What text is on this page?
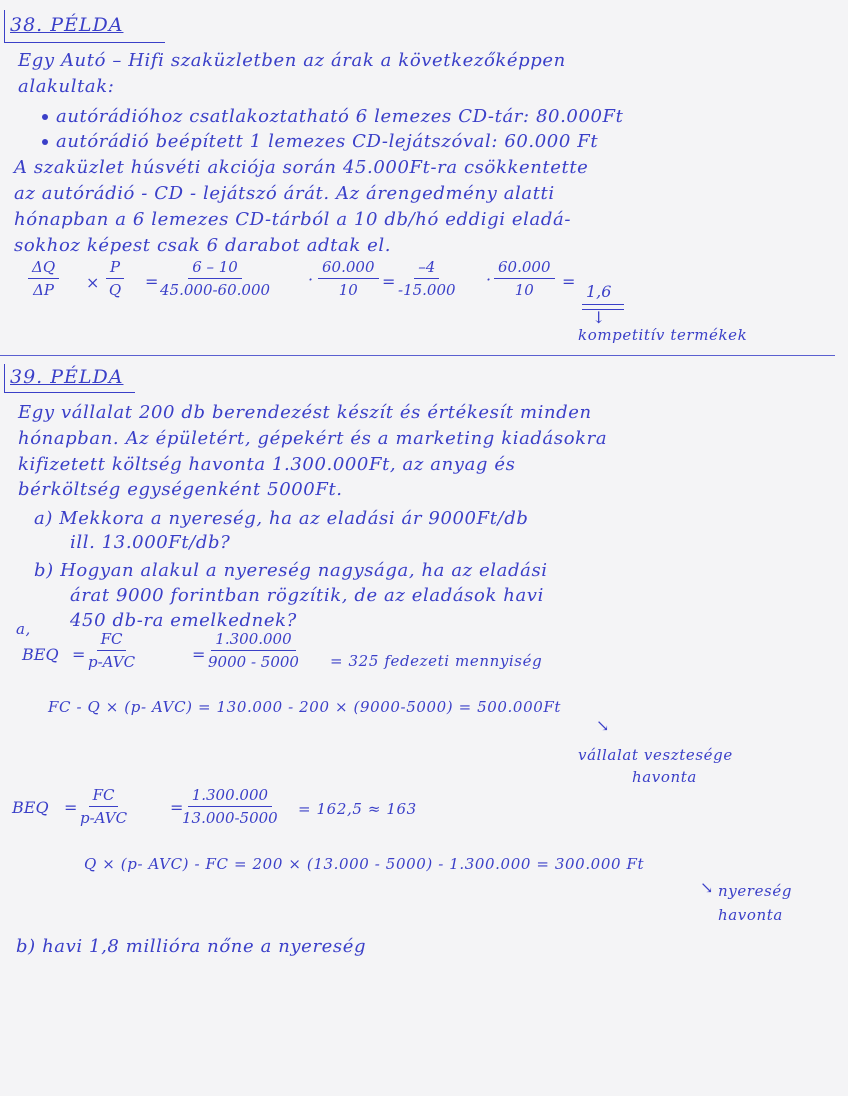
38. PÉLDA
Egy Autó – Hifi szaküzletben az árak a következőképpen
alakultak:
autórádióhoz csatlakoztatható 6 lemezes CD-tár: 80.000Ft
autórádió beépített 1 lemezes CD-lejátszóval: 60.000 Ft
A szaküzlet húsvéti akciója során 45.000Ft-ra csökkentette
az autórádió - CD - lejátszó árát. Az árengedmény alatti
hónapban a 6 lemezes CD-tárból a 10 db/hó eddigi eladá-
sokhoz képest csak 6 darabot adtak el.
$\frac{\Delta Q}{\Delta P} \times \frac{P}{Q} = \frac{6 - 10}{45.000-60.000} \cdot \frac{60.000}{10} = \frac{-4}{-15.000} \cdot \frac{60.000}{10}$ =
1,6
↓
kompetitív termékek
39. PÉLDA
Egy vállalat 200 db berendezést készít és értékesít minden
hónapban. Az épületért, gépekért és a marketing kiadásokra
kifizetett költség havonta 1.300.000Ft, az anyag és
bérköltség egységenként 5000Ft.
a) Mekkora a nyereség, ha az eladási ár 9000Ft/db
ill. 13.000Ft/db?
b) Hogyan alakul a nyereség nagysága, ha az eladási
árat 9000 forintban rögzítik, de az eladások havi
450 db-ra emelkednek?
a,
BEQ =
FC
p-AVC	= $\frac{1.300.000}{9000 - 5000} = 325$ fedezeti mennyiség
FC - Q × (p- AVC) = 130.000 - 200 × (9000-5000) = 500.000Ft
↘
vállalat vesztesége
havonta
BEQ =
FC
p-AVC
=
$\frac{1.300.000}{13.000-5000} = 162,5 \approx 163$
Q × (p- AVC) - FC = 200 × (13.000 - 5000) - 1.300.000 = 300.000 Ft
↘ nyereség
havonta
b) havi 1,8 millióra nőne a nyereség
